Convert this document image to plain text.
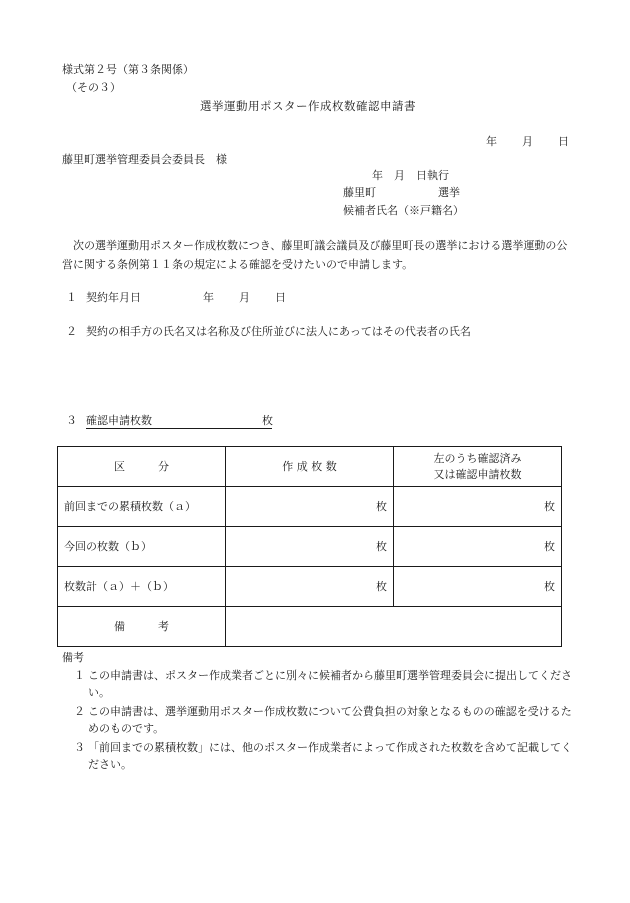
様式第２号（第３条関係）
（その３）
選挙運動用ポスター作成枚数確認申請書
年 月 日
藤里町選挙管理委員会委員長　様
年　月　日執行
藤里町	選挙
候補者氏名（※戸籍名）
次の選挙運動用ポスター作成枚数につき、藤里町議会議員及び藤里町長の選挙における選挙運動の公営に関する条例第１１条の規定による確認を受けたいので申請します。
１ 契約年月日	年 月 日
２ 契約の相手方の氏名又は名称及び住所並びに法人にあってはその代表者の氏名
３ 確認申請枚数	枚
区　　　分	作 成 枚 数	左のうち確認済み
又は確認申請枚数

前回までの累積枚数（ａ）	枚	枚
今回の枚数（ｂ）	枚	枚
枚数計（ａ）＋（ｂ）	枚	枚
備　　　考		
備考
１ この申請書は、ポスター作成業者ごとに別々に候補者から藤里町選挙管理委員会に提出してください。
２ この申請書は、選挙運動用ポスター作成枚数について公費負担の対象となるものの確認を受けるためのものです。
３ 「前回までの累積枚数」には、他のポスター作成業者によって作成された枚数を含めて記載してください。
